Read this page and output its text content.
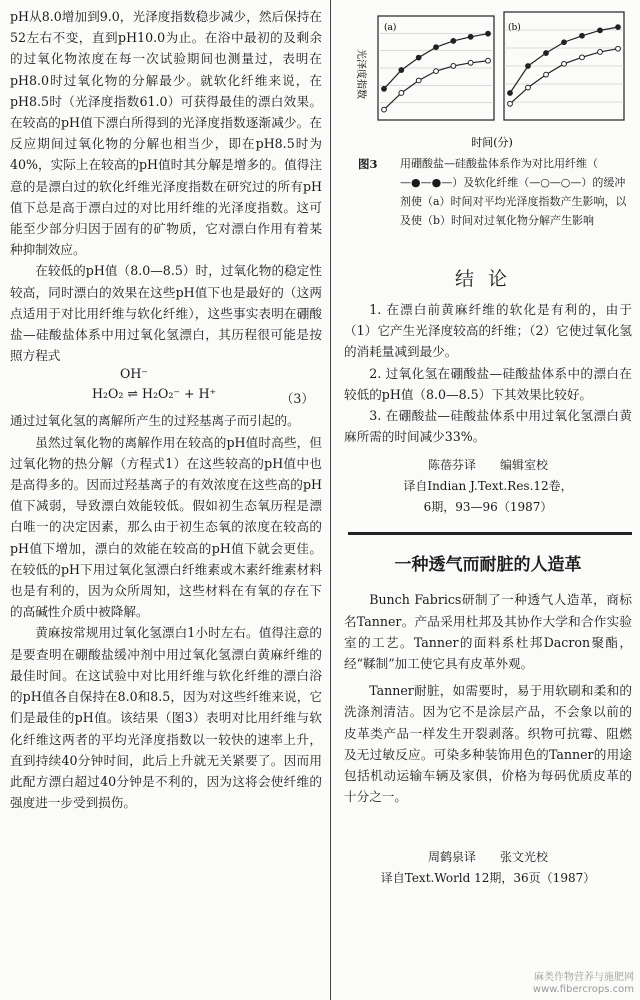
pH从8.0增加到9.0，光泽度指数稳步减少，然后保持在52左右不变，直到pH10.0为止。在浴中最初的及剩余的过氧化物浓度在每一次试验期间也测量过，表明在pH8.0时过氧化物的分解最少。就软化纤维来说，在pH8.5时（光泽度指数61.0）可获得最佳的漂白效果。在较高的pH值下漂白所得到的光泽度指数逐渐减少。在反应期间过氧化物的分解也相当少，即在pH8.5时为40%，实际上在较高的pH值时其分解是增多的。值得注意的是漂白过的软化纤维光泽度指数在研究过的所有pH值下总是高于漂白过的对比用纤维的光泽度指数。这可能至少部分归因于固有的矿物质，它对漂白作用有着某种抑制效应。

在较低的pH值（8.0—8.5）时，过氧化物的稳定性较高，同时漂白的效果在这些pH值下也是最好的（这两点适用于对比用纤维与软化纤维），这些事实表明在硼酸盐—硅酸盐体系中用过氧化氢漂白，其历程很可能是按照方程式

OH⁻
H₂O₂ ⇌ H₂O₂⁻ + H⁺	（3）

通过过氧化氢的离解所产生的过羟基离子而引起的。

虽然过氧化物的离解作用在较高的pH值时高些，但过氧化物的热分解（方程式1）在这些较高的pH值中也是高得多的。因而过羟基离子的有效浓度在这些高的pH值下减弱，导致漂白效能较低。假如初生态氧历程是漂白唯一的决定因素，那么由于初生态氧的浓度在较高的pH值下增加，漂白的效能在较高的pH值下就会更佳。在较低的pH下用过氧化氢漂白纤维素或木素纤维素材料也是有利的，因为众所周知，这些材料在有氧的存在下的高碱性介质中被降解。

黄麻按常规用过氧化氢漂白1小时左右。值得注意的是要查明在硼酸盐缓冲剂中用过氧化氢漂白黄麻纤维的最佳时间。在这试验中对比用纤维与软化纤维的漂白浴的pH值各自保持在8.0和8.5，因为对这些纤维来说，它们是最佳的pH值。该结果（图3）表明对比用纤维与软化纤维这两者的平均光泽度指数以一较快的速率上升，直到持续40分钟时间，此后上升就无关紧要了。因而用此配方漂白超过40分钟是不利的，因为这将会使纤维的强度进一步受到损伤。

光泽度指数
时间(分)
(a)	(b)
图3 用硼酸盐—硅酸盐体系作为对比用纤维（—●—●—）及软化纤维（—○—○—）的缓冲剂使（a）时间对平均光泽度指数产生影响，以及使（b）时间对过氧化物分解产生影响
结论

1. 在漂白前黄麻纤维的软化是有利的，由于（1）它产生光泽度较高的纤维；（2）它使过氧化氢的消耗量减到最少。

2. 过氧化氢在硼酸盐—硅酸盐体系中的漂白在较低的pH值（8.0—8.5）下其效果比较好。

3. 在硼酸盐—硅酸盐体系中用过氧化氢漂白黄麻所需的时间减少33%。

陈蓓芬译　　编辑室校
译自Indian J.Text.Res.12卷，
6期，93—96（1987）
一种透气而耐脏的人造革

Bunch Fabrics研制了一种透气人造革，商标名Tanner。产品采用杜邦及其协作大学和合作实验室的工艺。Tanner的面料系杜邦Dacron聚酯，经“鞣制”加工使它具有皮革外观。

Tanner耐脏，如需要时，易于用软刷和柔和的洗涤剂清洁。因为它不是涂层产品，不会象以前的皮革类产品一样发生开裂剥落。织物可抗霉、阻燃及无过敏反应。可染多种装饰用色的Tanner的用途包括机动运输车辆及家俱，价格为每码优质皮革的十分之一。

周鹤泉译　　张文光校
译自Text.World 12期，36页（1987）
麻类作物营养与施肥网
www.fibercrops.com
